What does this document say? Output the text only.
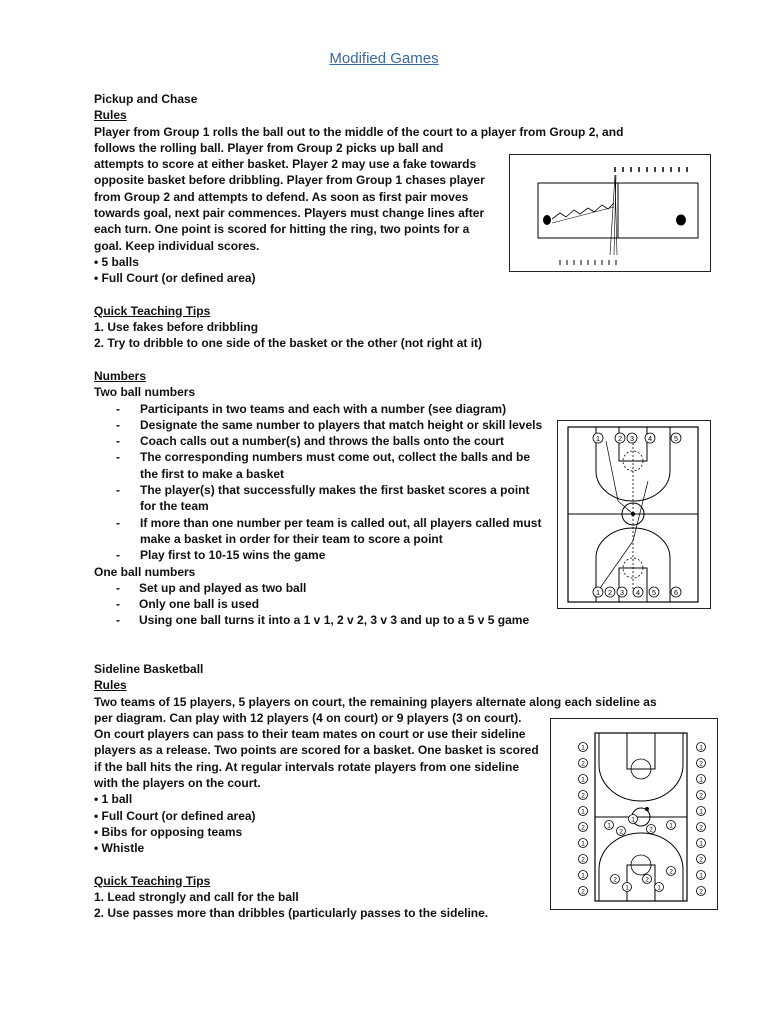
Modified Games

Pickup and Chase

Rules

Player from Group 1 rolls the ball out to the middle of the court to a player from Group 2, and

follows the rolling ball. Player from Group 2 picks up ball and

attempts to score at either basket. Player 2 may use a fake towards

opposite basket before dribbling. Player from Group 1 chases player

from Group 2 and attempts to defend. As soon as first pair moves

towards goal, next pair commences. Players must change lines after

each turn. One point is scored for hitting the ring, two points for a

goal. Keep individual scores.

• 5 balls

• Full Court (or defined area)

Quick Teaching Tips

1. Use fakes before dribbling

2. Try to dribble to one side of the basket or the other (not right at it)

Numbers

Two ball numbers

- Participants in two teams and each with a number (see diagram)
- Designate the same number to players that match height or skill levels
- Coach calls out a number(s) and throws the balls onto the court
- The corresponding numbers must come out, collect the balls and be the first to make a basket
- The player(s) that successfully makes the first basket scores a point for the team
- If more than one number per team is called out, all players called must make a basket in order for their team to score a point
- Play first to 10-15 wins the game

One ball numbers

- Set up and played as two ball
- Only one ball is used
- Using one ball turns it into a 1 v 1, 2 v 2, 3 v 3 and up to a 5 v 5 game
1 2 3 4	5
1 2 3 4 5 6

Sideline Basketball

Rules

Two teams of 15 players, 5 players on court, the remaining players alternate along each sideline as

per diagram. Can play with 12 players (4 on court) or 9 players (3 on court).

On court players can pass to their team mates on court or use their sideline

players as a release. Two points are scored for a basket. One basket is scored

if the ball hits the ring. At regular intervals rotate players from one sideline

with the players on the court.

• 1 ball

• Full Court (or defined area)

• Bibs for opposing teams

• Whistle

Quick Teaching Tips

1. Lead strongly and call for the ball

2. Use passes more than dribbles (particularly passes to the sideline.

1
2
1
2
1
2
1
2
1
2
1
2
1
2
1
2
1
2
1
2
1
2
1
2
1
2
1
2
1
2
